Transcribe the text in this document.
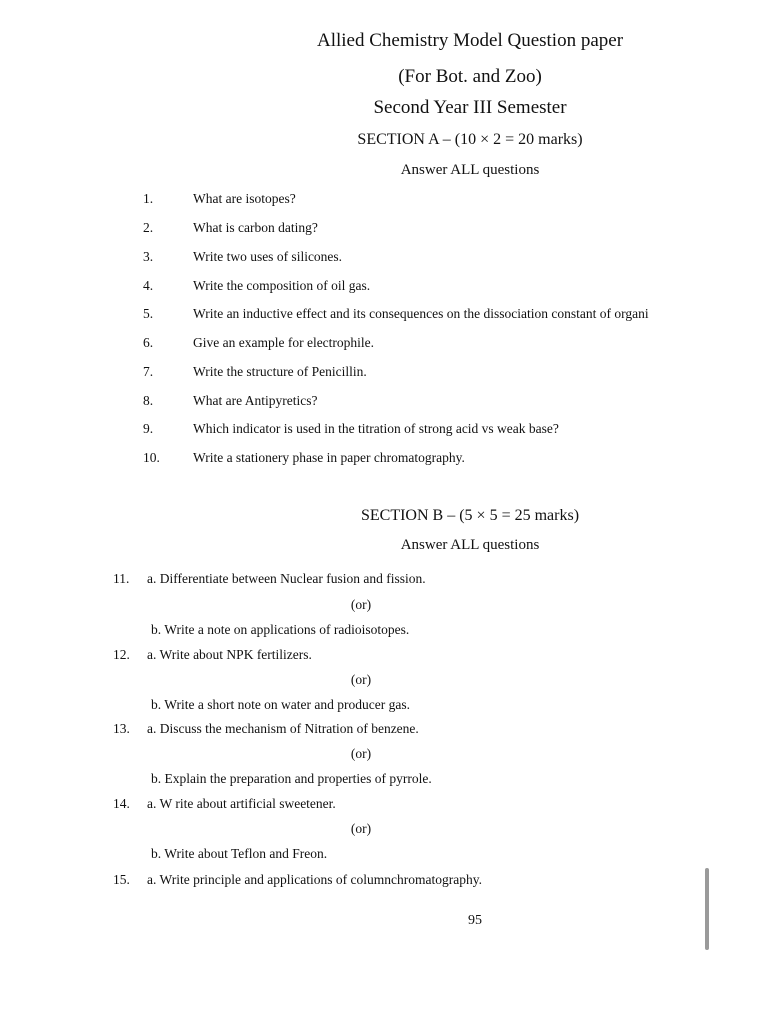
Allied Chemistry Model Question paper
(For Bot. and Zoo)
Second Year III Semester
SECTION A – (10 × 2 = 20 marks)
Answer ALL questions
1.	What are isotopes?
2.	What is carbon dating?
3.	Write two uses of silicones.
4.	Write the composition of oil gas.
5.	Write an inductive effect and its consequences on the dissociation constant of organi
6.	Give an example for electrophile.
7.	Write the structure of Penicillin.
8.	What are Antipyretics?
9.	Which indicator is used in the titration of strong acid vs weak base?
10. Write a stationery phase in paper chromatography.
SECTION B – (5 × 5 = 25 marks)
Answer ALL questions
11. a. Differentiate between Nuclear fusion and fission.
(or)
b. Write a note on applications of radioisotopes.
12. a. Write about NPK fertilizers.
(or)
b. Write a short note on water and producer gas.
13. a. Discuss the mechanism of Nitration of benzene.
(or)
b. Explain the preparation and properties of pyrrole.
14. a. W rite about artificial sweetener.
(or)
b. Write about Teflon and Freon.
15. a. Write principle and applications of columnchromatography.
95
